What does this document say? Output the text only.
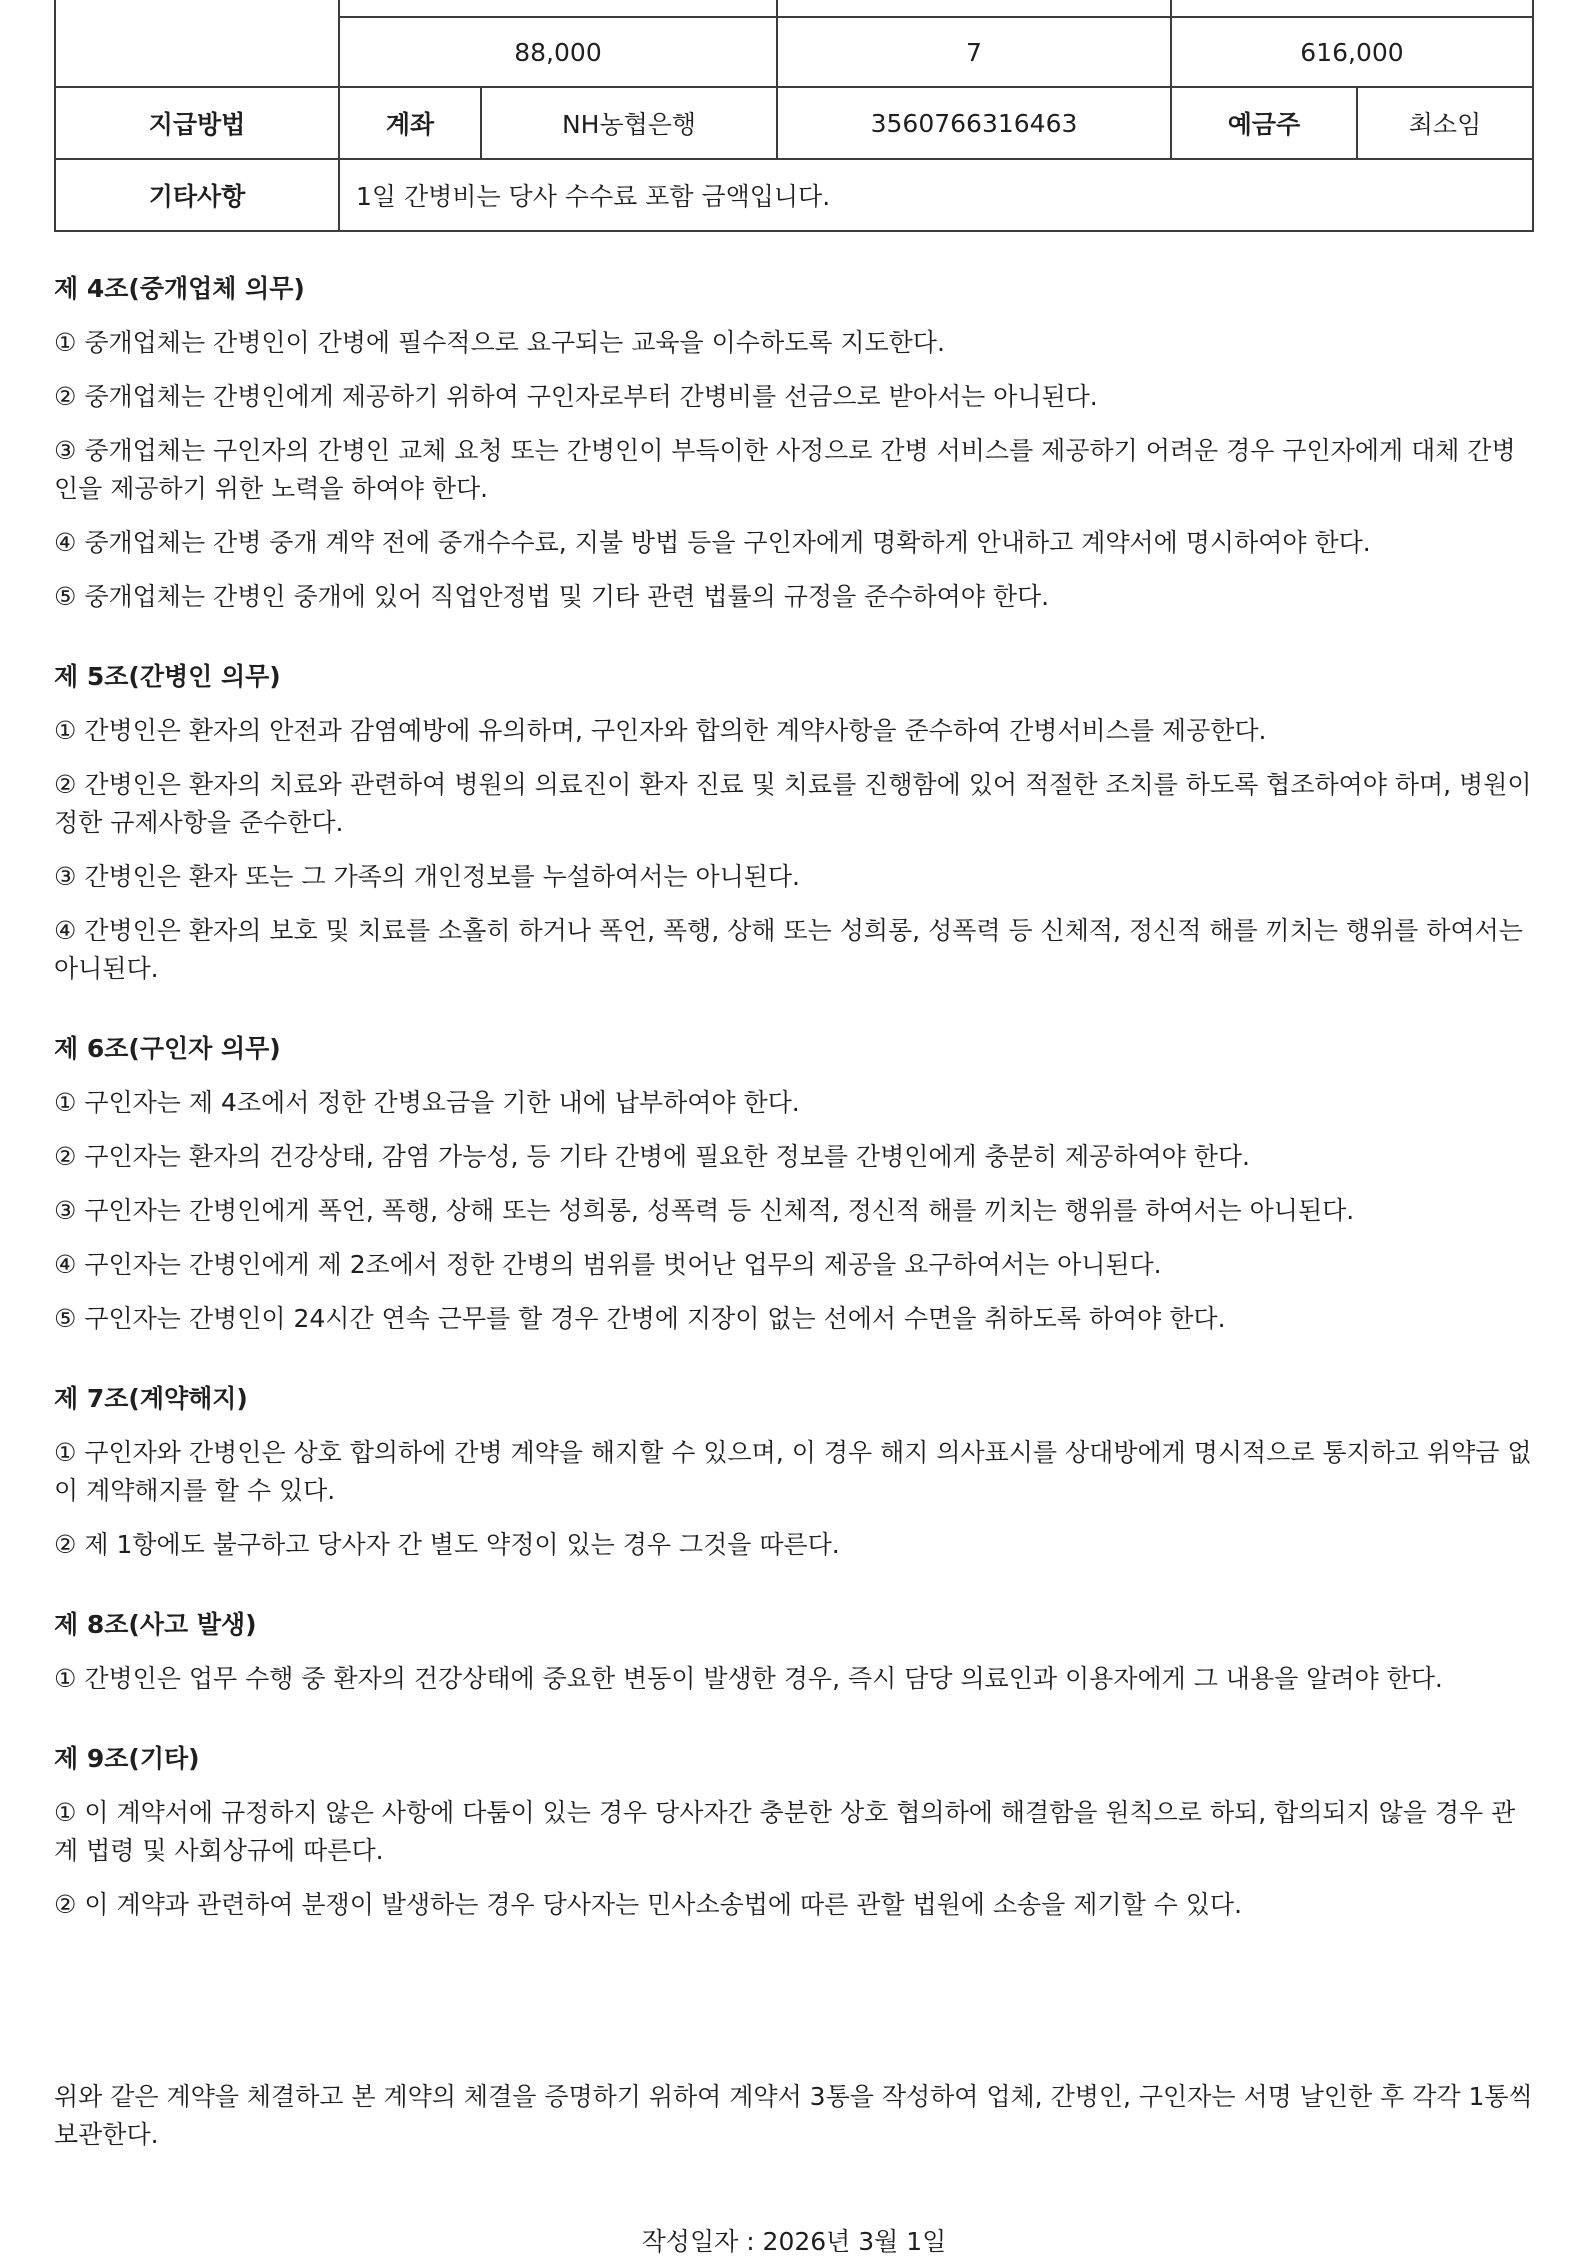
	88,000		7	616,000	
지급방법	계좌	NH농협은행	3560766316463	예금주	최소임
기타사항	1일 간병비는 당사 수수료 포함 금액입니다.				
제 4조(중개업체 의무)
① 중개업체는 간병인이 간병에 필수적으로 요구되는 교육을 이수하도록 지도한다.
② 중개업체는 간병인에게 제공하기 위하여 구인자로부터 간병비를 선금으로 받아서는 아니된다.
③ 중개업체는 구인자의 간병인 교체 요청 또는 간병인이 부득이한 사정으로 간병 서비스를 제공하기 어려운 경우 구인자에게 대체 간병인을 제공하기 위한 노력을 하여야 한다.
④ 중개업체는 간병 중개 계약 전에 중개수수료, 지불 방법 등을 구인자에게 명확하게 안내하고 계약서에 명시하여야 한다.
⑤ 중개업체는 간병인 중개에 있어 직업안정법 및 기타 관련 법률의 규정을 준수하여야 한다.
제 5조(간병인 의무)
① 간병인은 환자의 안전과 감염예방에 유의하며, 구인자와 합의한 계약사항을 준수하여 간병서비스를 제공한다.
② 간병인은 환자의 치료와 관련하여 병원의 의료진이 환자 진료 및 치료를 진행함에 있어 적절한 조치를 하도록 협조하여야 하며, 병원이 정한 규제사항을 준수한다.
③ 간병인은 환자 또는 그 가족의 개인정보를 누설하여서는 아니된다.
④ 간병인은 환자의 보호 및 치료를 소홀히 하거나 폭언, 폭행, 상해 또는 성희롱, 성폭력 등 신체적, 정신적 해를 끼치는 행위를 하여서는 아니된다.
제 6조(구인자 의무)
① 구인자는 제 4조에서 정한 간병요금을 기한 내에 납부하여야 한다.
② 구인자는 환자의 건강상태, 감염 가능성, 등 기타 간병에 필요한 정보를 간병인에게 충분히 제공하여야 한다.
③ 구인자는 간병인에게 폭언, 폭행, 상해 또는 성희롱, 성폭력 등 신체적, 정신적 해를 끼치는 행위를 하여서는 아니된다.
④ 구인자는 간병인에게 제 2조에서 정한 간병의 범위를 벗어난 업무의 제공을 요구하여서는 아니된다.
⑤ 구인자는 간병인이 24시간 연속 근무를 할 경우 간병에 지장이 없는 선에서 수면을 취하도록 하여야 한다.
제 7조(계약해지)
① 구인자와 간병인은 상호 합의하에 간병 계약을 해지할 수 있으며, 이 경우 해지 의사표시를 상대방에게 명시적으로 통지하고 위약금 없이 계약해지를 할 수 있다.
② 제 1항에도 불구하고 당사자 간 별도 약정이 있는 경우 그것을 따른다.
제 8조(사고 발생)
① 간병인은 업무 수행 중 환자의 건강상태에 중요한 변동이 발생한 경우, 즉시 담당 의료인과 이용자에게 그 내용을 알려야 한다.
제 9조(기타)
① 이 계약서에 규정하지 않은 사항에 다툼이 있는 경우 당사자간 충분한 상호 협의하에 해결함을 원칙으로 하되, 합의되지 않을 경우 관계 법령 및 사회상규에 따른다.
② 이 계약과 관련하여 분쟁이 발생하는 경우 당사자는 민사소송법에 따른 관할 법원에 소송을 제기할 수 있다.
위와 같은 계약을 체결하고 본 계약의 체결을 증명하기 위하여 계약서 3통을 작성하여 업체, 간병인, 구인자는 서명 날인한 후 각각 1통씩 보관한다.
작성일자 : 2026년 3월 1일
